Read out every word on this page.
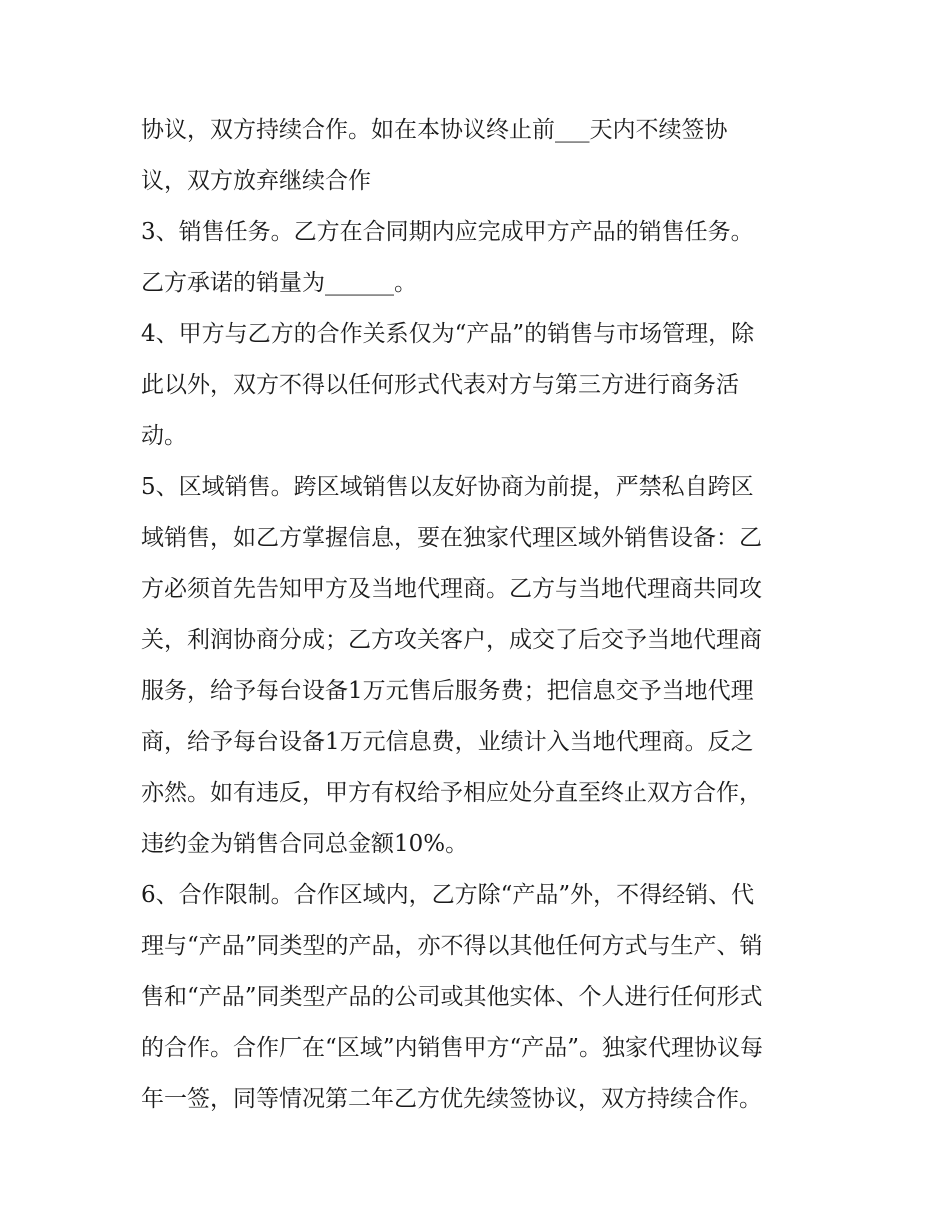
协议，双方持续合作。如在本协议终止前___天内不续签协
议，双方放弃继续合作
3、销售任务。乙方在合同期内应完成甲方产品的销售任务。
乙方承诺的销量为______。
4、甲方与乙方的合作关系仅为“产品”的销售与市场管理，除
此以外，双方不得以任何形式代表对方与第三方进行商务活
动。
5、区域销售。跨区域销售以友好协商为前提，严禁私自跨区
域销售，如乙方掌握信息，要在独家代理区域外销售设备：乙
方必须首先告知甲方及当地代理商。乙方与当地代理商共同攻
关，利润协商分成；乙方攻关客户，成交了后交予当地代理商
服务，给予每台设备1万元售后服务费；把信息交予当地代理
商，给予每台设备1万元信息费，业绩计入当地代理商。反之
亦然。如有违反，甲方有权给予相应处分直至终止双方合作，
违约金为销售合同总金额10%。
6、合作限制。合作区域内，乙方除“产品”外，不得经销、代
理与“产品”同类型的产品，亦不得以其他任何方式与生产、销
售和“产品”同类型产品的公司或其他实体、个人进行任何形式
的合作。合作厂在“区域”内销售甲方“产品”。独家代理协议每
年一签，同等情况第二年乙方优先续签协议，双方持续合作。
